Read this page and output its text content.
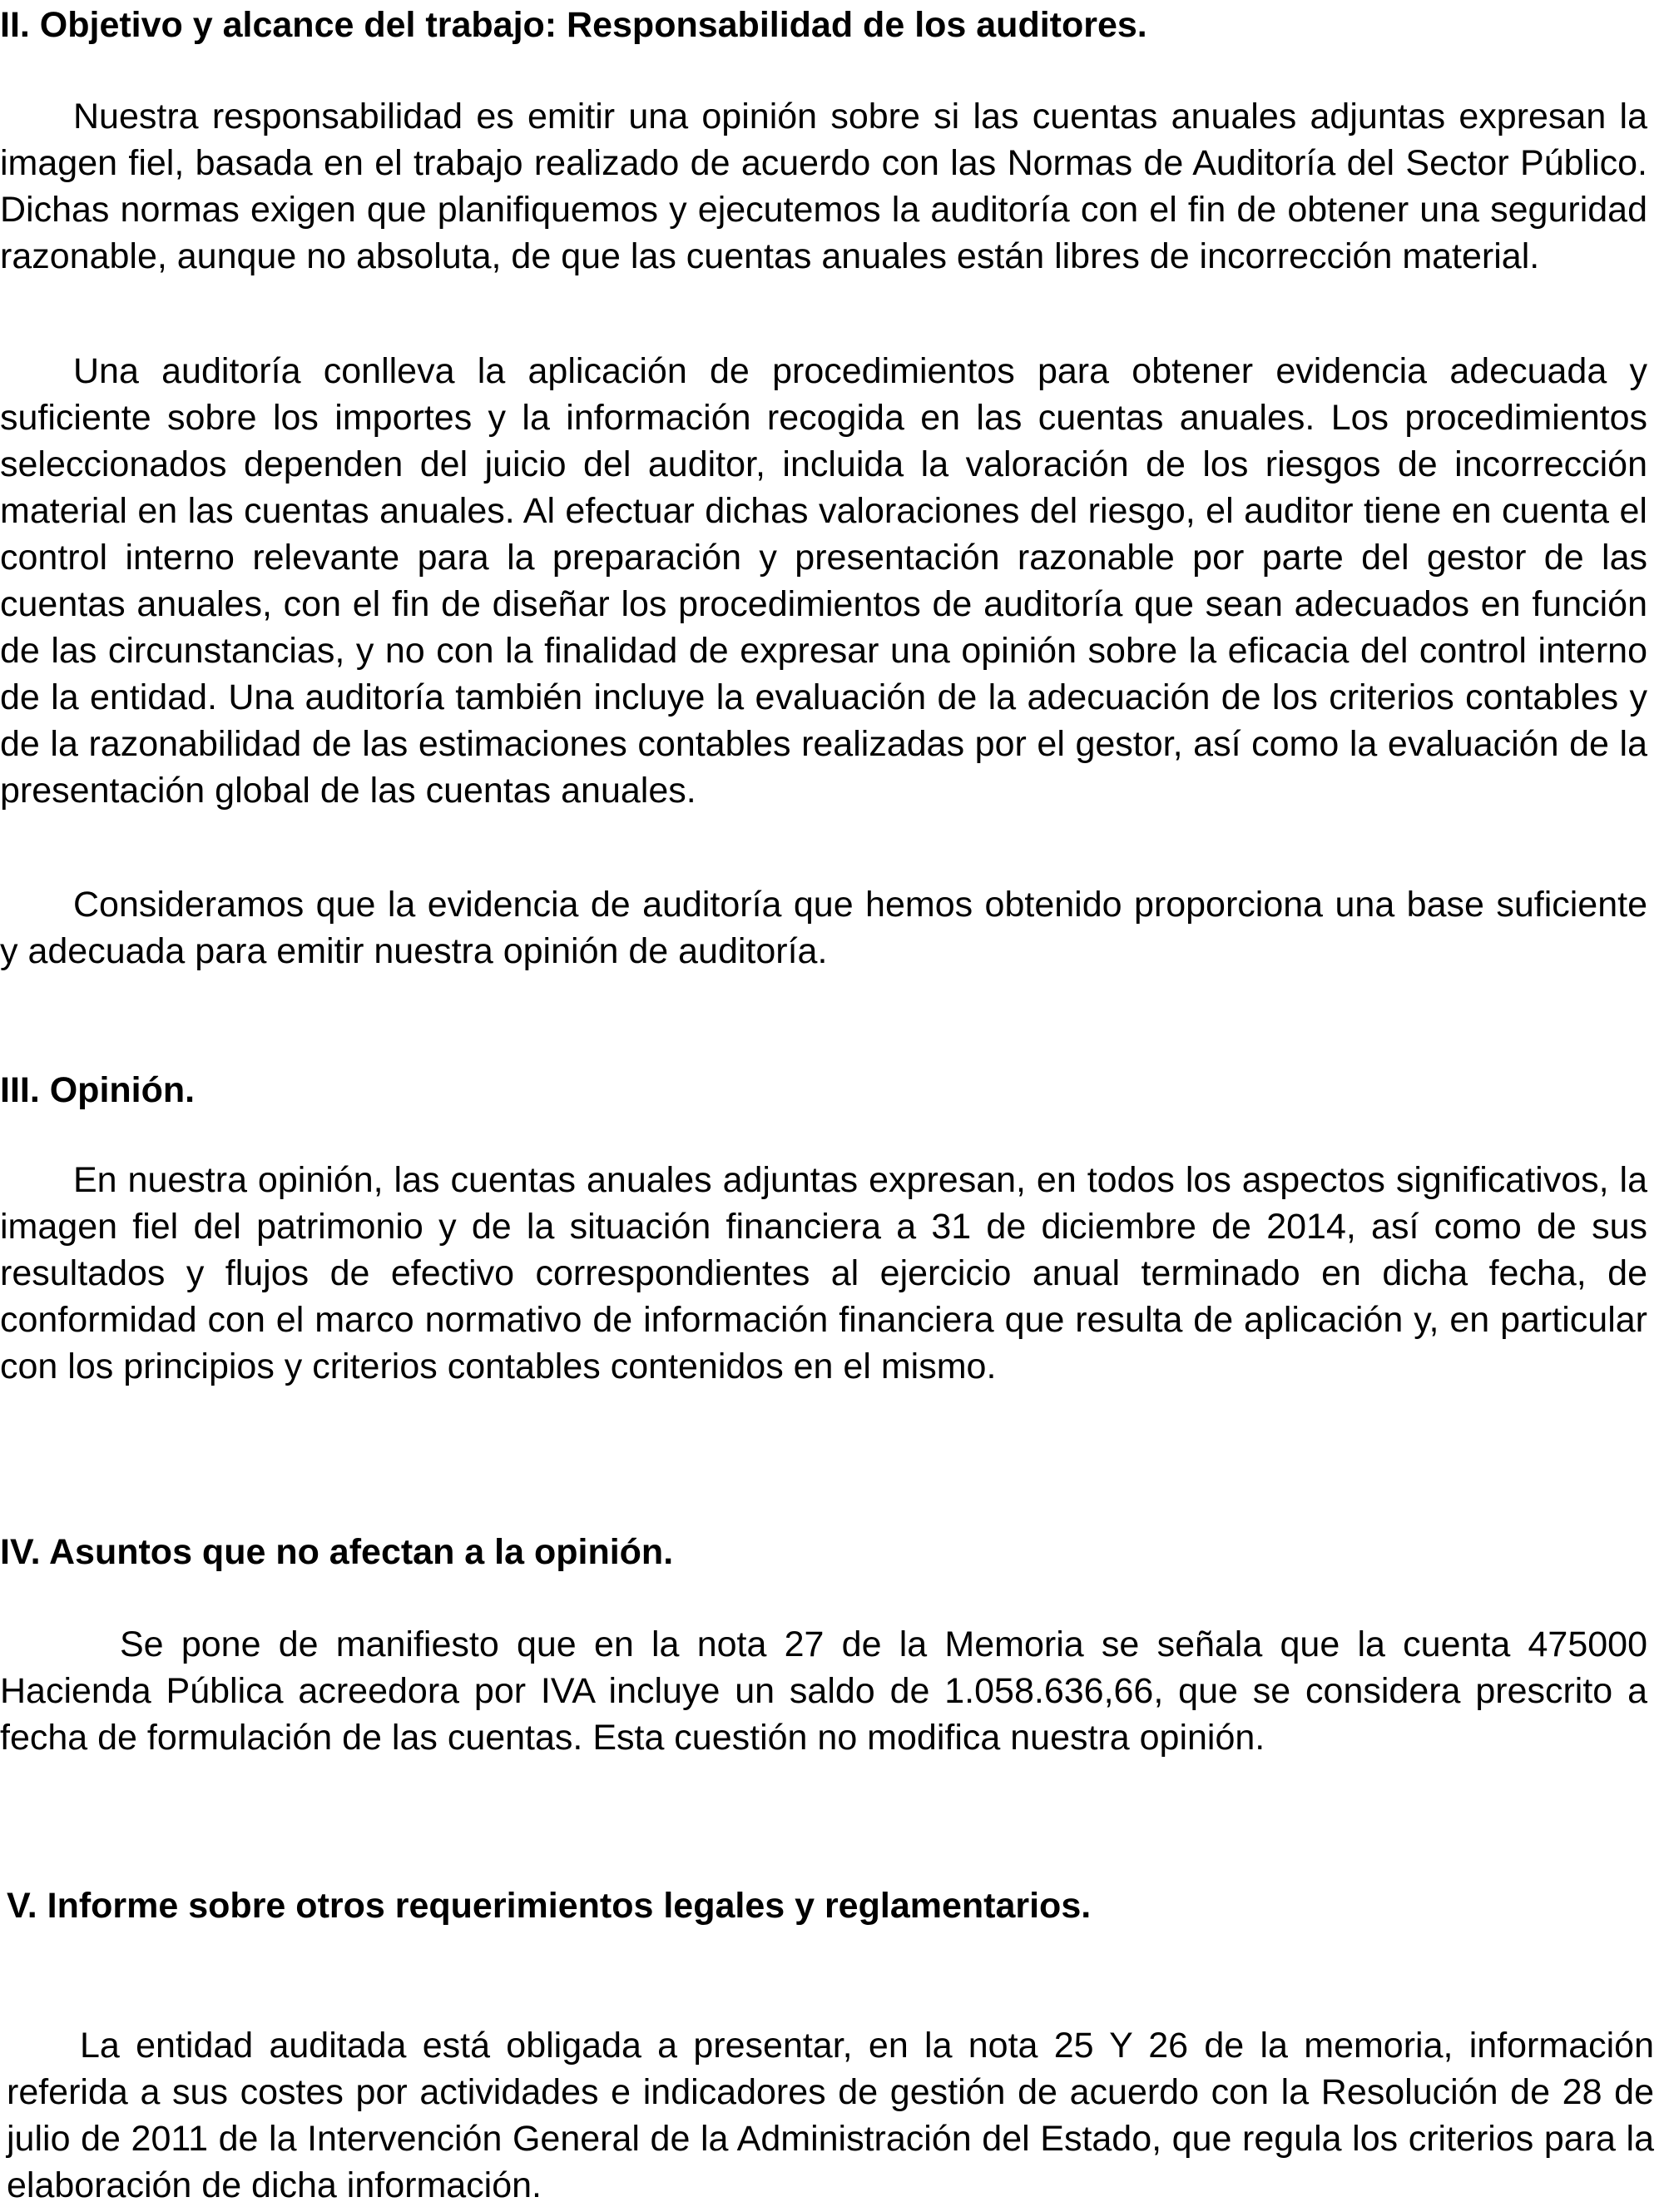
II. Objetivo y alcance del trabajo: Responsabilidad de los auditores.

Nuestra responsabilidad es emitir una opinión sobre si las cuentas anuales adjuntas expresan la imagen fiel, basada en el trabajo realizado de acuerdo con las Normas de Auditoría del Sector Público. Dichas normas exigen que planifiquemos y ejecutemos la auditoría con el fin de obtener una seguridad razonable, aunque no absoluta, de que las cuentas anuales están libres de incorrección material.

Una auditoría conlleva la aplicación de procedimientos para obtener evidencia adecuada y suficiente sobre los importes y la información recogida en las cuentas anuales. Los procedimientos seleccionados dependen del juicio del auditor, incluida la valoración de los riesgos de incorrección material en las cuentas anuales. Al efectuar dichas valoraciones del riesgo, el auditor tiene en cuenta el control interno relevante para la preparación y presentación razonable por parte del gestor de las cuentas anuales, con el fin de diseñar los procedimientos de auditoría que sean adecuados en función de las circunstancias, y no con la finalidad de expresar una opinión sobre la eficacia del control interno de la entidad. Una auditoría también incluye la evaluación de la adecuación de los criterios contables y de la razonabilidad de las estimaciones contables realizadas por el gestor, así como la evaluación de la presentación global de las cuentas anuales.

Consideramos que la evidencia de auditoría que hemos obtenido proporciona una base suficiente y adecuada para emitir nuestra opinión de auditoría.

III. Opinión.

En nuestra opinión, las cuentas anuales adjuntas expresan, en todos los aspectos significativos, la imagen fiel del patrimonio y de la situación financiera a 31 de diciembre de 2014, así como de sus resultados y flujos de efectivo correspondientes al ejercicio anual terminado en dicha fecha, de conformidad con el marco normativo de información financiera que resulta de aplicación y, en particular con los principios y criterios contables contenidos en el mismo.

IV. Asuntos que no afectan a la opinión.

Se pone de manifiesto que en la nota 27 de la Memoria se señala que la cuenta 475000 Hacienda Pública acreedora por IVA incluye un saldo de 1.058.636,66, que se considera prescrito a fecha de formulación de las cuentas. Esta cuestión no modifica nuestra opinión.

V. Informe sobre otros requerimientos legales y reglamentarios.

La entidad auditada está obligada a presentar, en la nota 25 Y 26 de la memoria, información referida a sus costes por actividades e indicadores de gestión de acuerdo con la Resolución de 28 de julio de 2011 de la Intervención General de la Administración del Estado, que regula los criterios para la elaboración de dicha información.
